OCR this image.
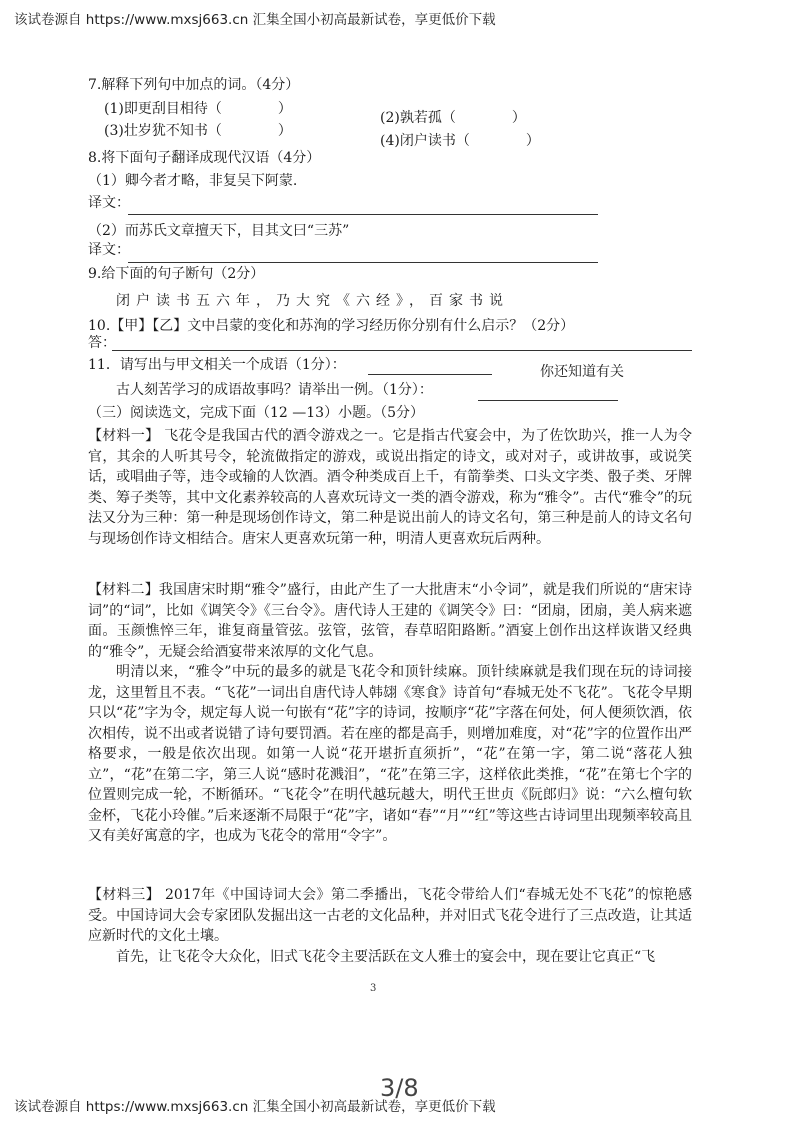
该试卷源自 https://www.mxsj663.cn 汇集全国小初高最新试卷，享更低价下载
7.解释下列句中加点的词。（4分）
(1)即更刮目相待（　　　　）
(2)孰若孤（　　　　）
(3)壮岁犹不知书（　　　　）
(4)闭户读书（　　　　）
8.将下面句子翻译成现代汉语（4分）
（1）卿今者才略，非复吴下阿蒙.
译文：
（2）而苏氏文章擅天下，目其文曰“三苏”
译文：
9.给下面的句子断句（2分）
闭户读书五六年，乃大究《六经》，百家书说
10.【甲】【乙】文中吕蒙的变化和苏洵的学习经历你分别有什么启示？（2分）
答：
11．请写出与甲文相关一个成语（1分）：	你还知道有关
古人刻苦学习的成语故事吗？请举出一例。（1分）：
（三）阅读选文，完成下面（12 —13）小题。（5分）

【材料一】 飞花令是我国古代的酒令游戏之一。它是指古代宴会中，为了佐饮助兴，推一人为令官，其余的人听其号令，轮流做指定的游戏，或说出指定的诗文，或对对子，或讲故事，或说笑话，或唱曲子等，违令或输的人饮酒。酒令种类成百上千，有箭拳类、口头文字类、骰子类、牙牌类、筹子类等，其中文化素养较高的人喜欢玩诗文一类的酒令游戏，称为“雅令”。古代“雅令”的玩法又分为三种：第一种是现场创作诗文，第二种是说出前人的诗文名句，第三种是前人的诗文名句与现场创作诗文相结合。唐宋人更喜欢玩第一种，明清人更喜欢玩后两种。

【材料二】我国唐宋时期“雅令”盛行，由此产生了一大批唐末“小令词”，就是我们所说的“唐宋诗词”的“词”，比如《调笑令》《三台令》。唐代诗人王建的《调笑令》曰：“团扇，团扇，美人病来遮面。玉颜憔悴三年，谁复商量管弦。弦管，弦管，春草昭阳路断。”酒宴上创作出这样诙谐又经典的“雅令”，无疑会给酒宴带来浓厚的文化气息。

明清以来，“雅令”中玩的最多的就是飞花令和顶针续麻。顶针续麻就是我们现在玩的诗词接龙，这里暂且不表。“飞花”一词出自唐代诗人韩翃《寒食》诗首句“春城无处不飞花”。飞花令早期只以“花”字为令，规定每人说一句嵌有“花”字的诗词，按顺序“花”字落在何处，何人便须饮酒，依次相传，说不出或者说错了诗句要罚酒。若在座的都是高手，则增加难度，对“花”字的位置作出严格要求，一般是依次出现。如第一人说“花开堪折直须折”，“花”在第一字，第二说“落花人独立”，“花”在第二字，第三人说“感时花溅泪”，“花”在第三字，这样依此类推，“花”在第七个字的位置则完成一轮，不断循环。“飞花令”在明代越玩越大，明代王世贞《阮郎归》说：“六么檀句软金杯，飞花小玲催。”后来逐渐不局限于“花”字，诸如“春”“月”“红”等这些古诗词里出现频率较高且又有美好寓意的字，也成为飞花令的常用“令字”。

【材料三】 2017年《中国诗词大会》第二季播出，飞花令带给人们“春城无处不飞花”的惊艳感受。中国诗词大会专家团队发掘出这一古老的文化品种，并对旧式飞花令进行了三点改造，让其适应新时代的文化土壤。

首先，让飞花令大众化，旧式飞花令主要活跃在文人雅士的宴会中，现在要让它真正“飞

3
3/8
该试卷源自 https://www.mxsj663.cn 汇集全国小初高最新试卷，享更低价下载
